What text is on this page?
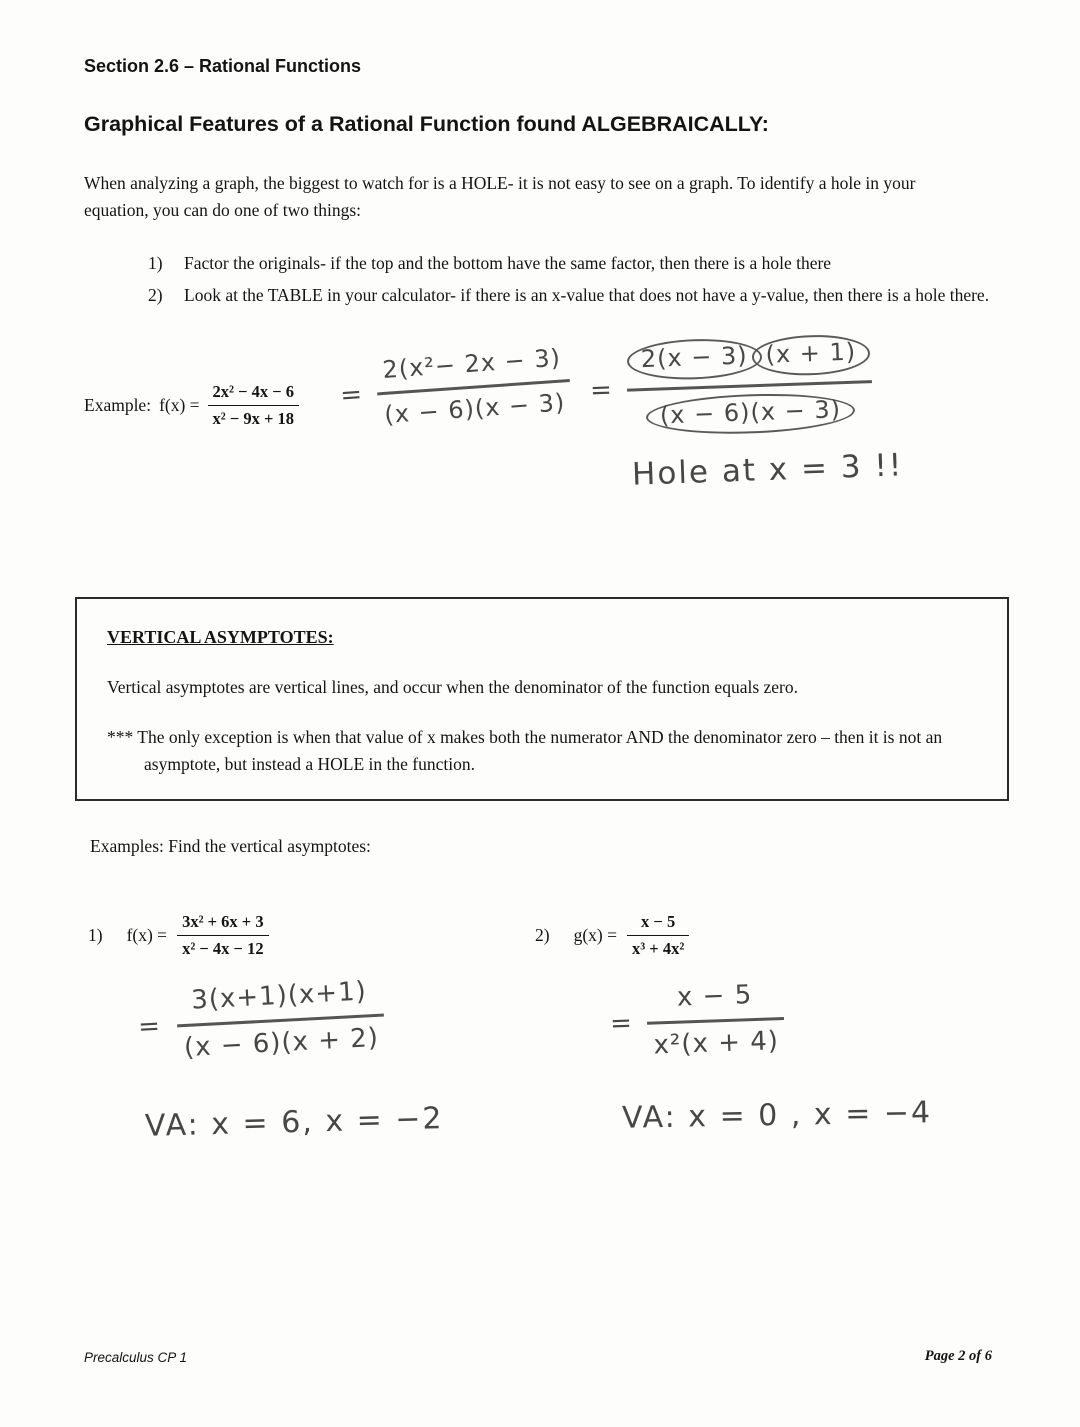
Section 2.6 – Rational Functions
Graphical Features of a Rational Function found ALGEBRAICALLY:
When analyzing a graph, the biggest to watch for is a HOLE- it is not easy to see on a graph. To identify a hole in your equation, you can do one of two things:
1)	Factor the originals- if the top and the bottom have the same factor, then there is a hole there
2)	Look at the TABLE in your calculator- if there is an x-value that does not have a y-value, then there is a hole there.
Example: $f(x) = \frac{\text{2x² − 4x − 6}}{\text{x² − 9x + 18}}$ =
2(x²− 2x − 3)
$(x - 6)(x - 3) = \frac{2(x - 3) (x + 1)}{(x - 6)(x - 3)}$
Hole at x = 3 !!
VERTICAL ASYMPTOTES:
Vertical asymptotes are vertical lines, and occur when the denominator of the function equals zero.
*** The only exception is when that value of x makes both the numerator AND the denominator zero – then it is not an asymptote, but instead a HOLE in the function.
Examples: Find the vertical asymptotes:
1) $f(x) = \frac{\text{3x² + 6x + 3}}{\text{x² − 4x − 12}}$	2) $g(x) = \frac{x - 5}{\text{x³ + 4x²}}$
= $\frac{3(x+1)(x+1)}{(x - 6)(x + 2)}$
VA: x = 6, x = −2
= $\frac{x - 5}{\text{x²(x + 4)}}$
VA: x = 0 , x = −4
Precalculus CP 1	Page 2 of 6
